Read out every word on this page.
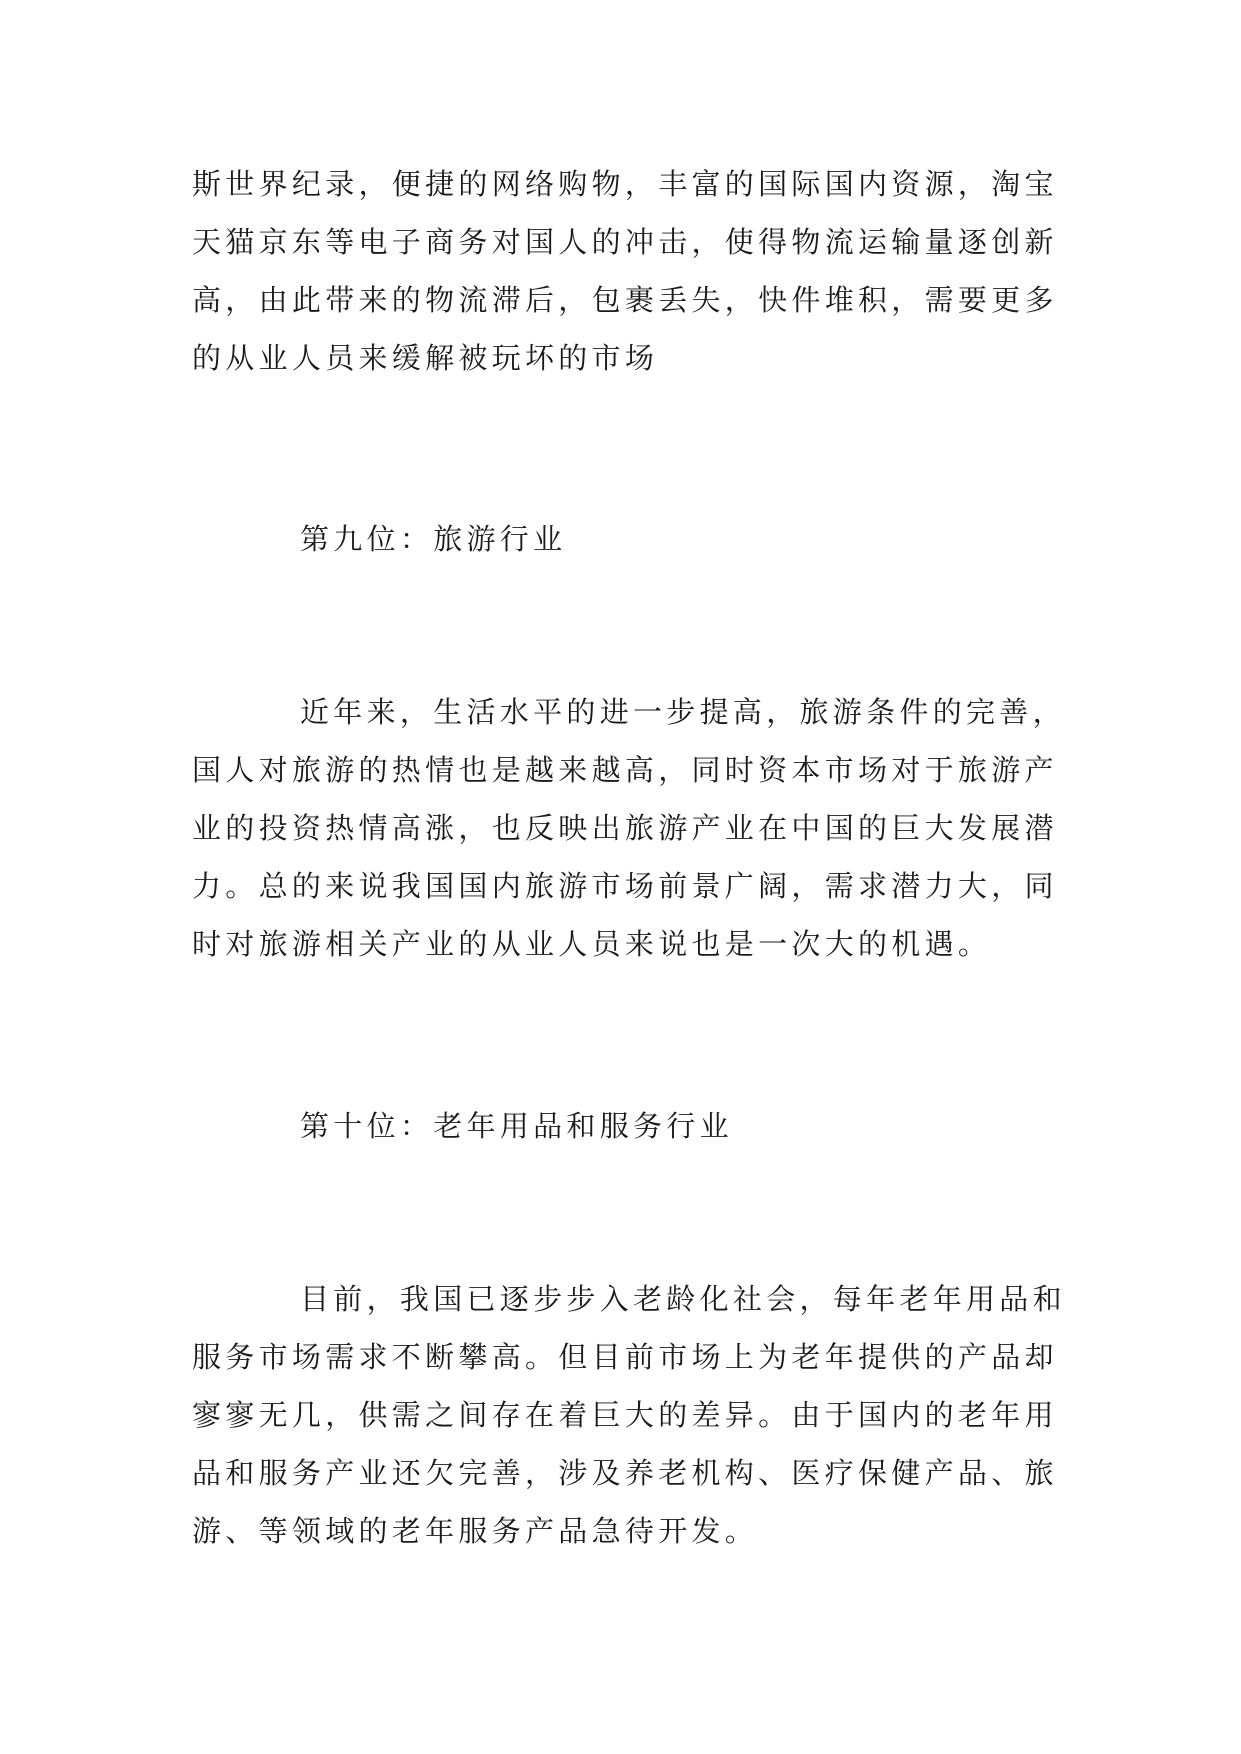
斯世界纪录，便捷的网络购物，丰富的国际国内资源，淘宝
天猫京东等电子商务对国人的冲击，使得物流运输量逐创新
高，由此带来的物流滞后，包裹丢失，快件堆积，需要更多
的从业人员来缓解被玩坏的市场

第九位：旅游行业

近年来，生活水平的进一步提高，旅游条件的完善，
国人对旅游的热情也是越来越高，同时资本市场对于旅游产
业的投资热情高涨，也反映出旅游产业在中国的巨大发展潜
力。总的来说我国国内旅游市场前景广阔，需求潜力大，同
时对旅游相关产业的从业人员来说也是一次大的机遇。

第十位：老年用品和服务行业

目前，我国已逐步步入老龄化社会，每年老年用品和
服务市场需求不断攀高。但目前市场上为老年提供的产品却
寥寥无几，供需之间存在着巨大的差异。由于国内的老年用
品和服务产业还欠完善，涉及养老机构、医疗保健产品、旅
游、等领域的老年服务产品急待开发。
